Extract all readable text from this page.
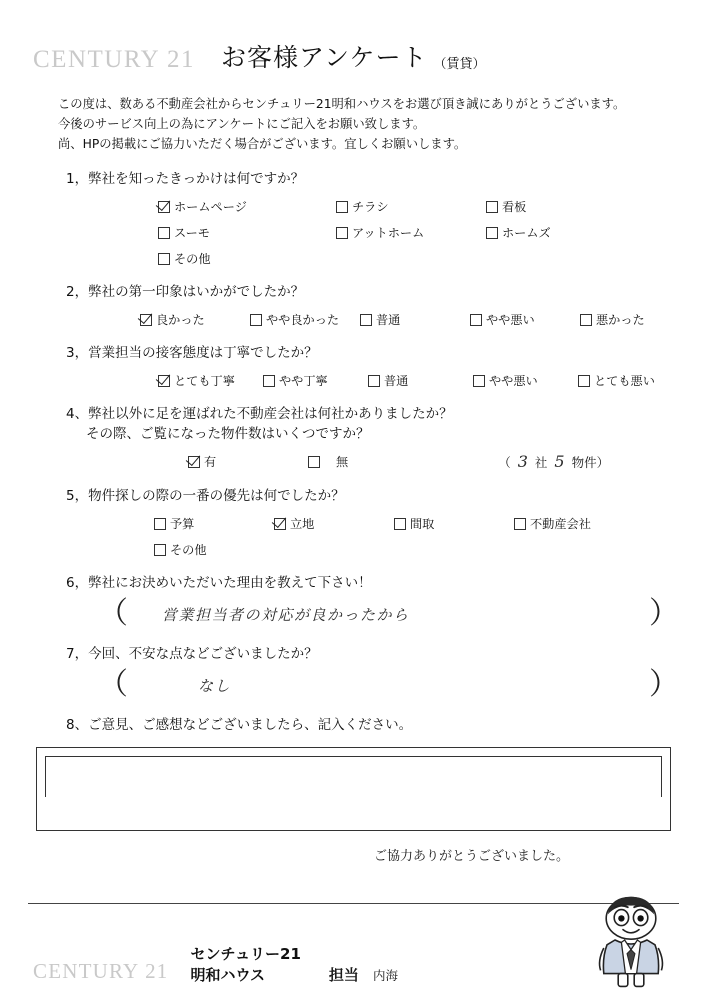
CENTURY 21 お客様アンケート （賃貸）
この度は、数ある不動産会社からセンチュリー21明和ハウスをお選び頂き誠にありがとうございます。
今後のサービス向上の為にアンケートにご記入をお願い致します。
尚、HPの掲載にご協力いただく場合がございます。宜しくお願いします。
1，弊社を知ったきっかけは何ですか？
ホームページ	チラシ	看板
スーモ	アットホーム	ホームズ
その他
2，弊社の第一印象はいかがでしたか？
良かった	やや良かった	普通	やや悪い	悪かった
3，営業担当の接客態度は丁寧でしたか？
とても丁寧	やや丁寧	普通	やや悪い	とても悪い
4、弊社以外に足を運ばれた不動産会社は何社かありましたか？
その際、ご覧になった物件数はいくつですか？
有	無	（ 3 社 5 物件）
5，物件探しの際の一番の優先は何でしたか？
予算	立地	間取	不動産会社
その他
6，弊社にお決めいただいた理由を教えて下さい！
（	営業担当者の対応が良かったから	）
7，今回、不安な点などございましたか？
（	なし	）
8、ご意見、ご感想などございましたら、記入ください。
ご協力ありがとうございました。
CENTURY 21
センチュリー21
明和ハウス	担当 内海
